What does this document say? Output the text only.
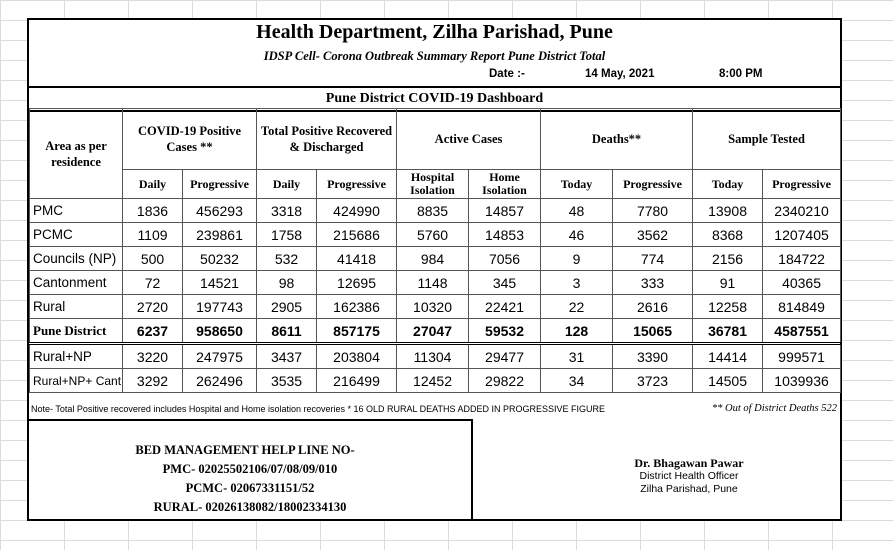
Health Department, Zilha Parishad, Pune
IDSP Cell- Corona Outbreak Summary Report Pune District Total
Date :-	14 May, 2021	8:00 PM
Pune District COVID-19 Dashboard
Area as per residence	COVID-19 Positive Cases **		Total Positive Recovered & Discharged		Active Cases		Deaths**		Sample Tested	
	Daily	Progressive	Daily	Progressive	Hospital Isolation	Home Isolation	Today	Progressive	Today	Progressive
PMC	1836	456293	3318	424990	8835	14857	48	7780	13908	2340210
PCMC	1109	239861	1758	215686	5760	14853	46	3562	8368	1207405
Councils (NP)	500	50232	532	41418	984	7056	9	774	2156	184722
Cantonment	72	14521	98	12695	1148	345	3	333	91	40365
Rural	2720	197743	2905	162386	10320	22421	22	2616	12258	814849
Pune District	6237	958650	8611	857175	27047	59532	128	15065	36781	4587551
Rural+NP	3220	247975	3437	203804	11304	29477	31	3390	14414	999571
Rural+NP+ Cant	3292	262496	3535	216499	12452	29822	34	3723	14505	1039936
Note- Total Positive recovered includes Hospital and Home isolation recoveries * 16 OLD RURAL DEATHS ADDED IN PROGRESSIVE FIGURE	** Out of District Deaths 522
BED MANAGEMENT HELP LINE NO-
PMC- 02025502106/07/08/09/010
PCMC- 02067331151/52
RURAL- 02026138082/18002334130
Dr. Bhagawan Pawar
District Health Officer
Zilha Parishad, Pune
